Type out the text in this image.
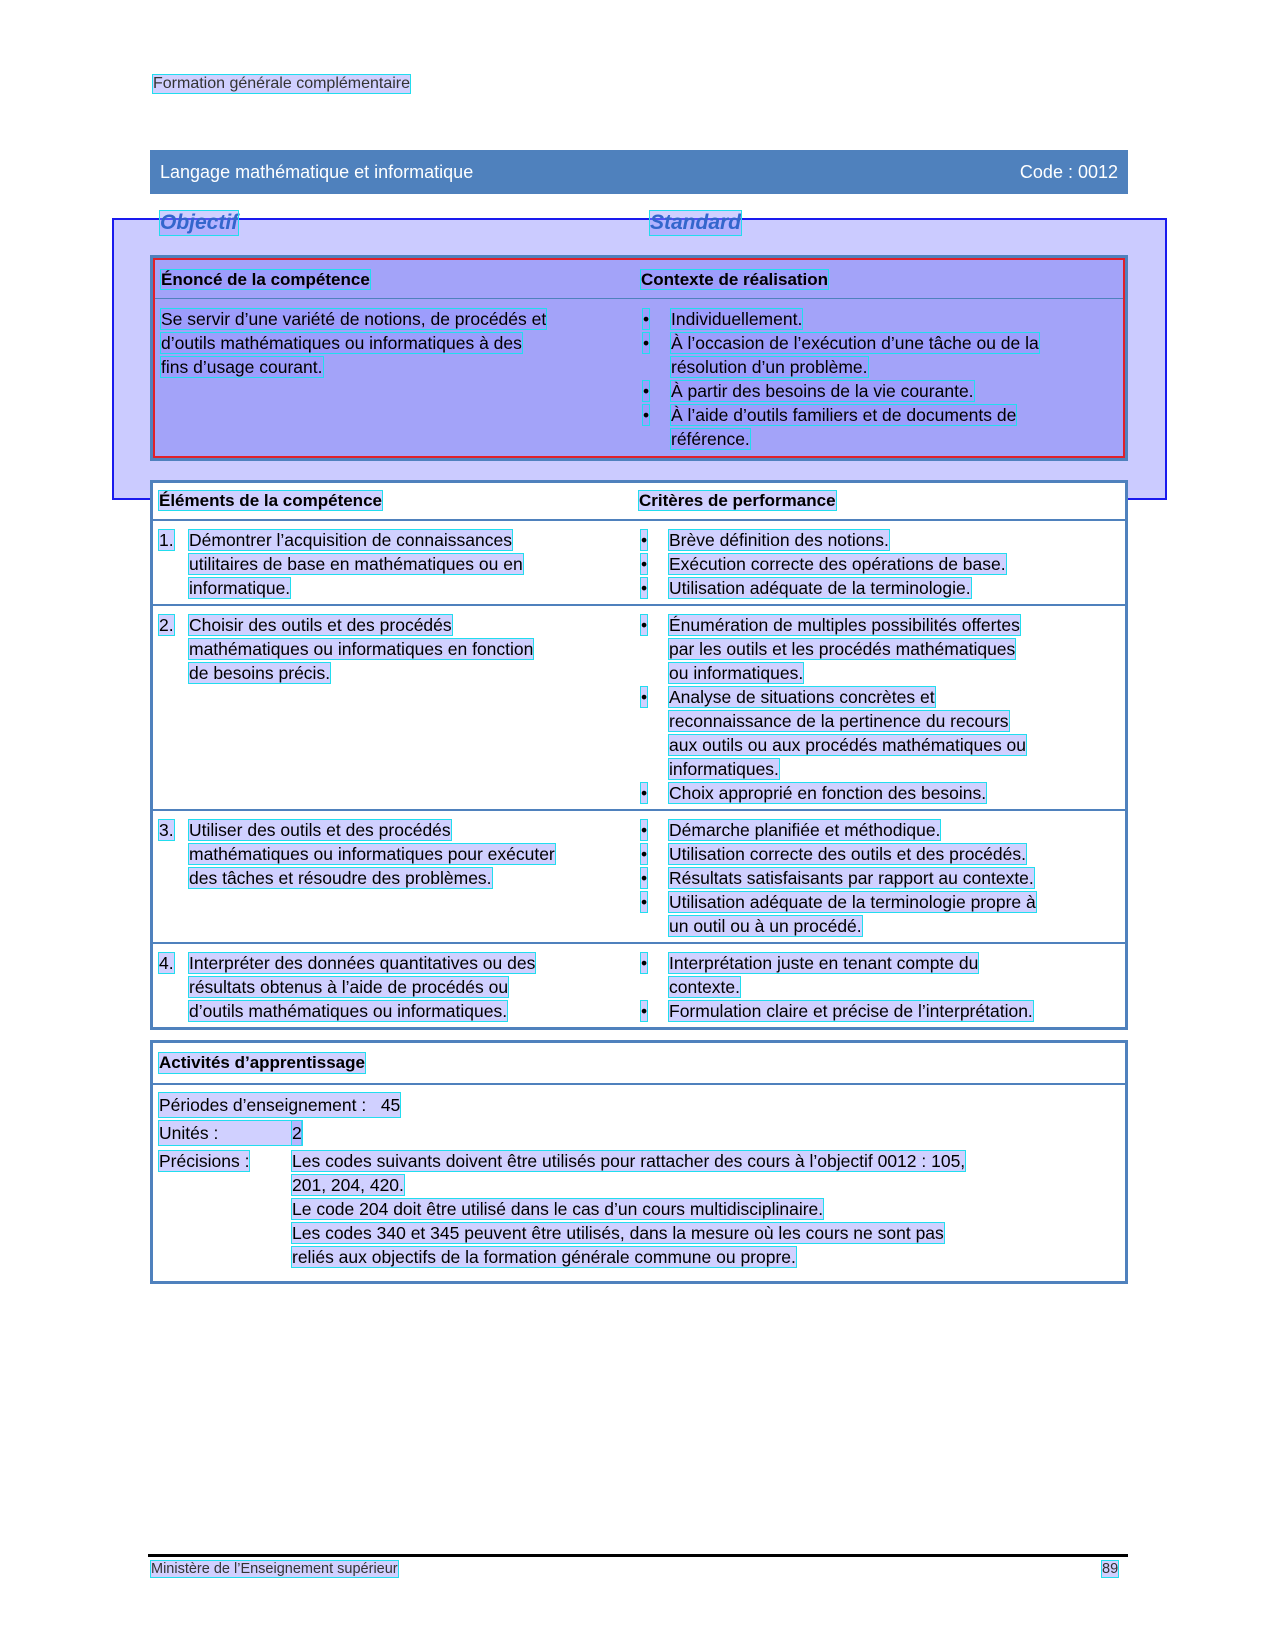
Formation générale complémentaire
Langage mathématique et informatique	Code : 0012
Objectif	Standard
Énoncé de la compétence	Contexte de réalisation
Se servir d’une variété de notions, de procédés et
d’outils mathématiques ou informatiques à des
fins d’usage courant.
•	Individuellement.
•	À l’occasion de l’exécution d’une tâche ou de la
résolution d’un problème.
•	À partir des besoins de la vie courante.
•	À l’aide d’outils familiers et de documents de
référence.
Éléments de la compétence	Critères de performance
1. Démontrer l’acquisition de connaissances
utilitaires de base en mathématiques ou en
informatique.
•	Brève définition des notions.
•	Exécution correcte des opérations de base.
•	Utilisation adéquate de la terminologie.
2. Choisir des outils et des procédés
mathématiques ou informatiques en fonction
de besoins précis.
•	Énumération de multiples possibilités offertes
par les outils et les procédés mathématiques
ou informatiques.
•	Analyse de situations concrètes et
reconnaissance de la pertinence du recours
aux outils ou aux procédés mathématiques ou
informatiques.
•	Choix approprié en fonction des besoins.
3. Utiliser des outils et des procédés
mathématiques ou informatiques pour exécuter
des tâches et résoudre des problèmes.
•	Démarche planifiée et méthodique.
•	Utilisation correcte des outils et des procédés.
•	Résultats satisfaisants par rapport au contexte.
•	Utilisation adéquate de la terminologie propre à
un outil ou à un procédé.
4. Interpréter des données quantitatives ou des
résultats obtenus à l’aide de procédés ou
d’outils mathématiques ou informatiques.
•	Interprétation juste en tenant compte du
contexte.
•	Formulation claire et précise de l’interprétation.
Activités d’apprentissage
Périodes d’enseignement : 45
Unités :	2
Précisions :	Les codes suivants doivent être utilisés pour rattacher des cours à l’objectif 0012 : 105,
201, 204, 420.
Le code 204 doit être utilisé dans le cas d’un cours multidisciplinaire.
Les codes 340 et 345 peuvent être utilisés, dans la mesure où les cours ne sont pas
reliés aux objectifs de la formation générale commune ou propre.
Ministère de l’Enseignement supérieur	89
